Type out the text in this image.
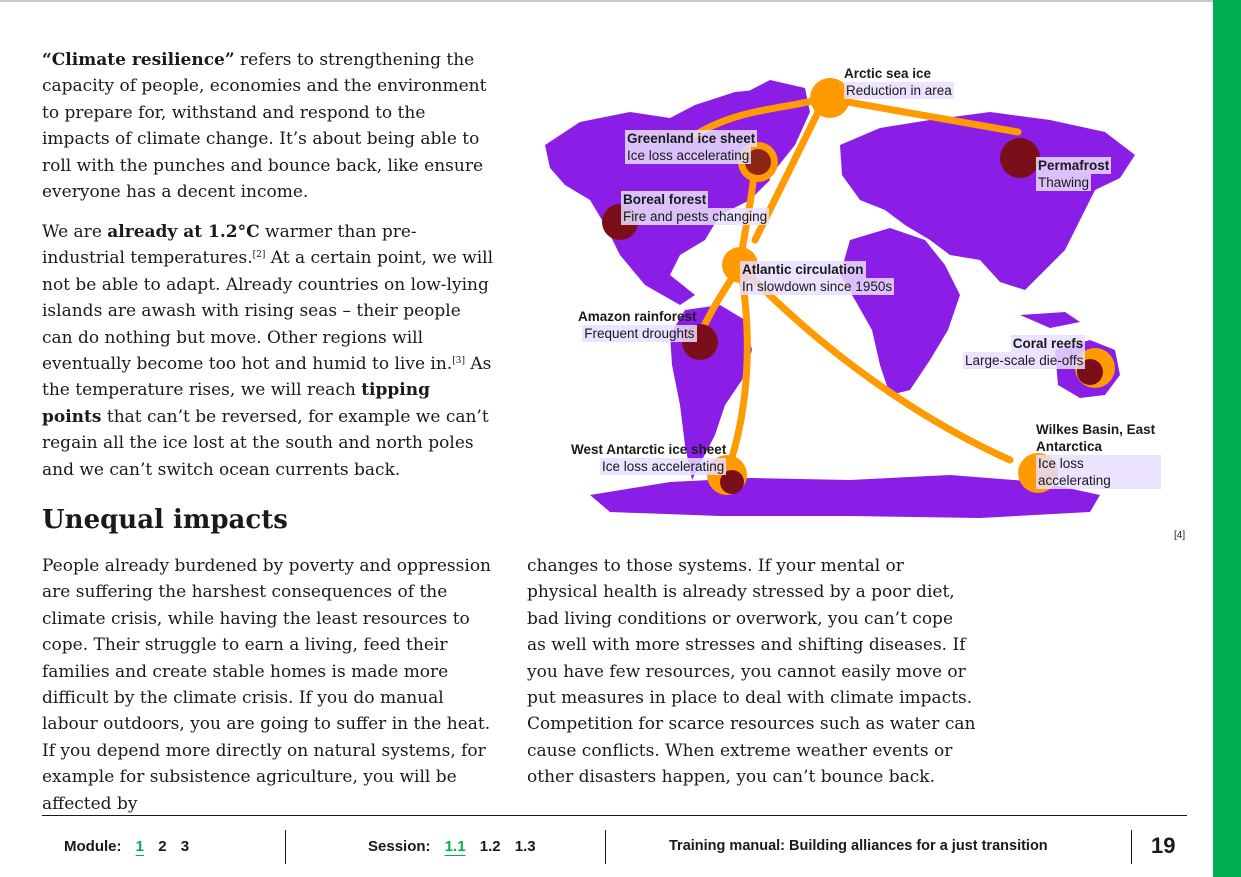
“Climate resilience” refers to strengthening the capacity of people, economies and the environment to prepare for, withstand and respond to the impacts of climate change. It’s about being able to roll with the punches and bounce back, like ensure everyone has a decent income.

We are already at 1.2°C warmer than pre-industrial temperatures.[2] At a certain point, we will not be able to adapt. Already countries on low-lying islands are awash with rising seas – their people can do nothing but move. Other regions will eventually become too hot and humid to live in.[3] As the temperature rises, we will reach tipping points that can’t be reversed, for example we can’t regain all the ice lost at the south and north poles and we can’t switch ocean currents back.

Arctic sea ice
Reduction in area
Greenland ice sheet
Ice loss accelerating
Permafrost
Thawing
Boreal forest
Fire and pests changing
Atlantic circulation
In slowdown since 1950s
Amazon rainforest
Frequent droughts
Coral reefs
Large-scale die-offs
Wilkes Basin, East Antarctica
Ice loss accelerating
West Antarctic ice sheet
Ice loss accelerating
[4]
Unequal impacts

People already burdened by poverty and oppression are suffering the harshest consequences of the climate crisis, while having the least resources to cope. Their struggle to earn a living, feed their families and create stable homes is made more difficult by the climate crisis. If you do manual labour outdoors, you are going to suffer in the heat. If you depend more directly on natural systems, for example for subsistence agriculture, you will be affected by

changes to those systems. If your mental or physical health is already stressed by a poor diet, bad living conditions or overwork, you can’t cope as well with more stresses and shifting diseases. If you have few resources, you cannot easily move or put measures in place to deal with climate impacts. Competition for scarce resources such as water can cause conflicts. When extreme weather events or other disasters happen, you can’t bounce back.

Module: 1 2 3	Session: 1.1 1.2 1.3	Training manual: Building alliances for a just transition	19
